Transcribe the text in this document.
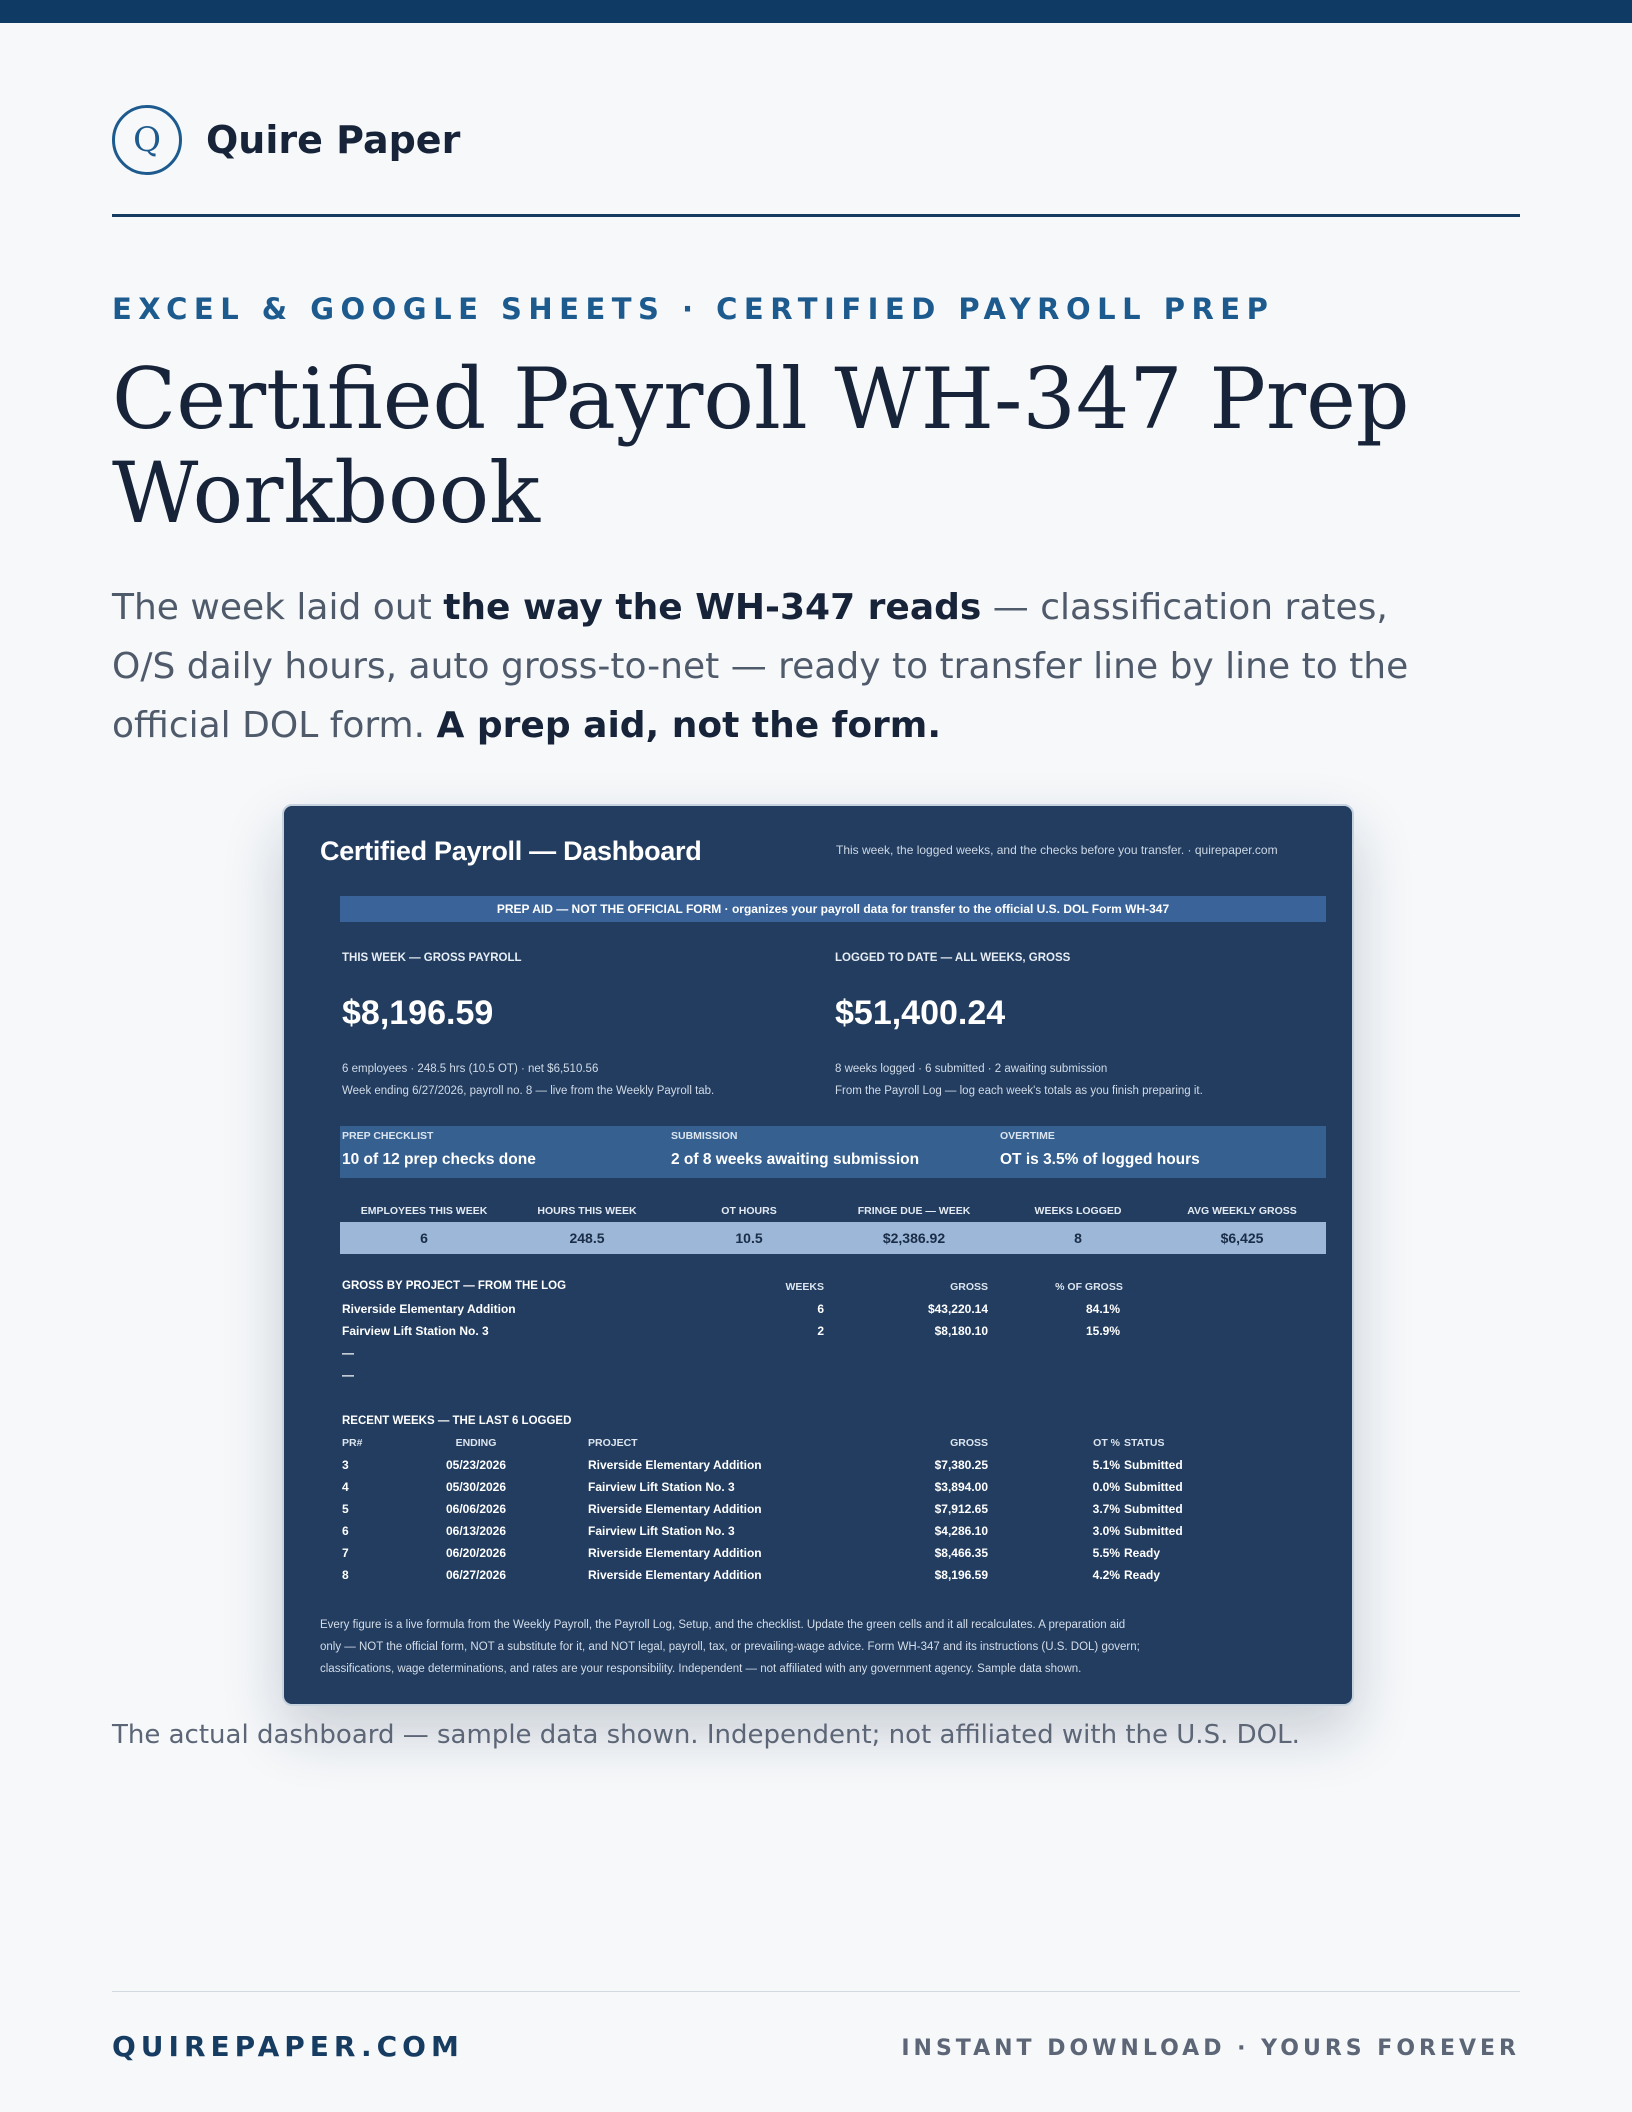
Q	Quire Paper
EXCEL & GOOGLE SHEETS · CERTIFIED PAYROLL PREP
Certified Payroll WH-347 Prep Workbook

The week laid out the way the WH-347 reads — classification rates, O/S daily hours, auto gross-to-net — ready to transfer line by line to the official DOL form. A prep aid, not the form.

Certified Payroll — Dashboard	This week, the logged weeks, and the checks before you transfer. · quirepaper.com
PREP AID — NOT THE OFFICIAL FORM · organizes your payroll data for transfer to the official U.S. DOL Form WH-347
THIS WEEK — GROSS PAYROLL
$8,196.59
6 employees · 248.5 hrs (10.5 OT) · net $6,510.56
Week ending 6/27/2026, payroll no. 8 — live from the Weekly Payroll tab.
LOGGED TO DATE — ALL WEEKS, GROSS
$51,400.24
8 weeks logged · 6 submitted · 2 awaiting submission
From the Payroll Log — log each week's totals as you finish preparing it.
PREP CHECKLIST
10 of 12 prep checks done
SUBMISSION
2 of 8 weeks awaiting submission
OVERTIME
OT is 3.5% of logged hours
EMPLOYEES THIS WEEK	HOURS THIS WEEK	OT HOURS	FRINGE DUE — WEEK	WEEKS LOGGED	AVG WEEKLY GROSS
6	248.5	10.5	$2,386.92	8	$6,425
GROSS BY PROJECT — FROM THE LOG	WEEKS	GROSS	% OF GROSS
Riverside Elementary Addition	6	$43,220.14	84.1%
Fairview Lift Station No. 3	2	$8,180.10	15.9%
—
—
RECENT WEEKS — THE LAST 6 LOGGED
PR#	ENDING	PROJECT	GROSS	OT % STATUS
3	05/23/2026	Riverside Elementary Addition	$7,380.25	5.1% Submitted
4	05/30/2026	Fairview Lift Station No. 3	$3,894.00	0.0% Submitted
5	06/06/2026	Riverside Elementary Addition	$7,912.65	3.7% Submitted
6	06/13/2026	Fairview Lift Station No. 3	$4,286.10	3.0% Submitted
7	06/20/2026	Riverside Elementary Addition	$8,466.35	5.5% Ready
8	06/27/2026	Riverside Elementary Addition	$8,196.59	4.2% Ready
Every figure is a live formula from the Weekly Payroll, the Payroll Log, Setup, and the checklist. Update the green cells and it all recalculates. A preparation aid only — NOT the official form, NOT a substitute for it, and NOT legal, payroll, tax, or prevailing-wage advice. Form WH-347 and its instructions (U.S. DOL) govern; classifications, wage determinations, and rates are your responsibility. Independent — not affiliated with any government agency. Sample data shown.
The actual dashboard — sample data shown. Independent; not affiliated with the U.S. DOL.
QUIREPAPER.COM	INSTANT DOWNLOAD · YOURS FOREVER
